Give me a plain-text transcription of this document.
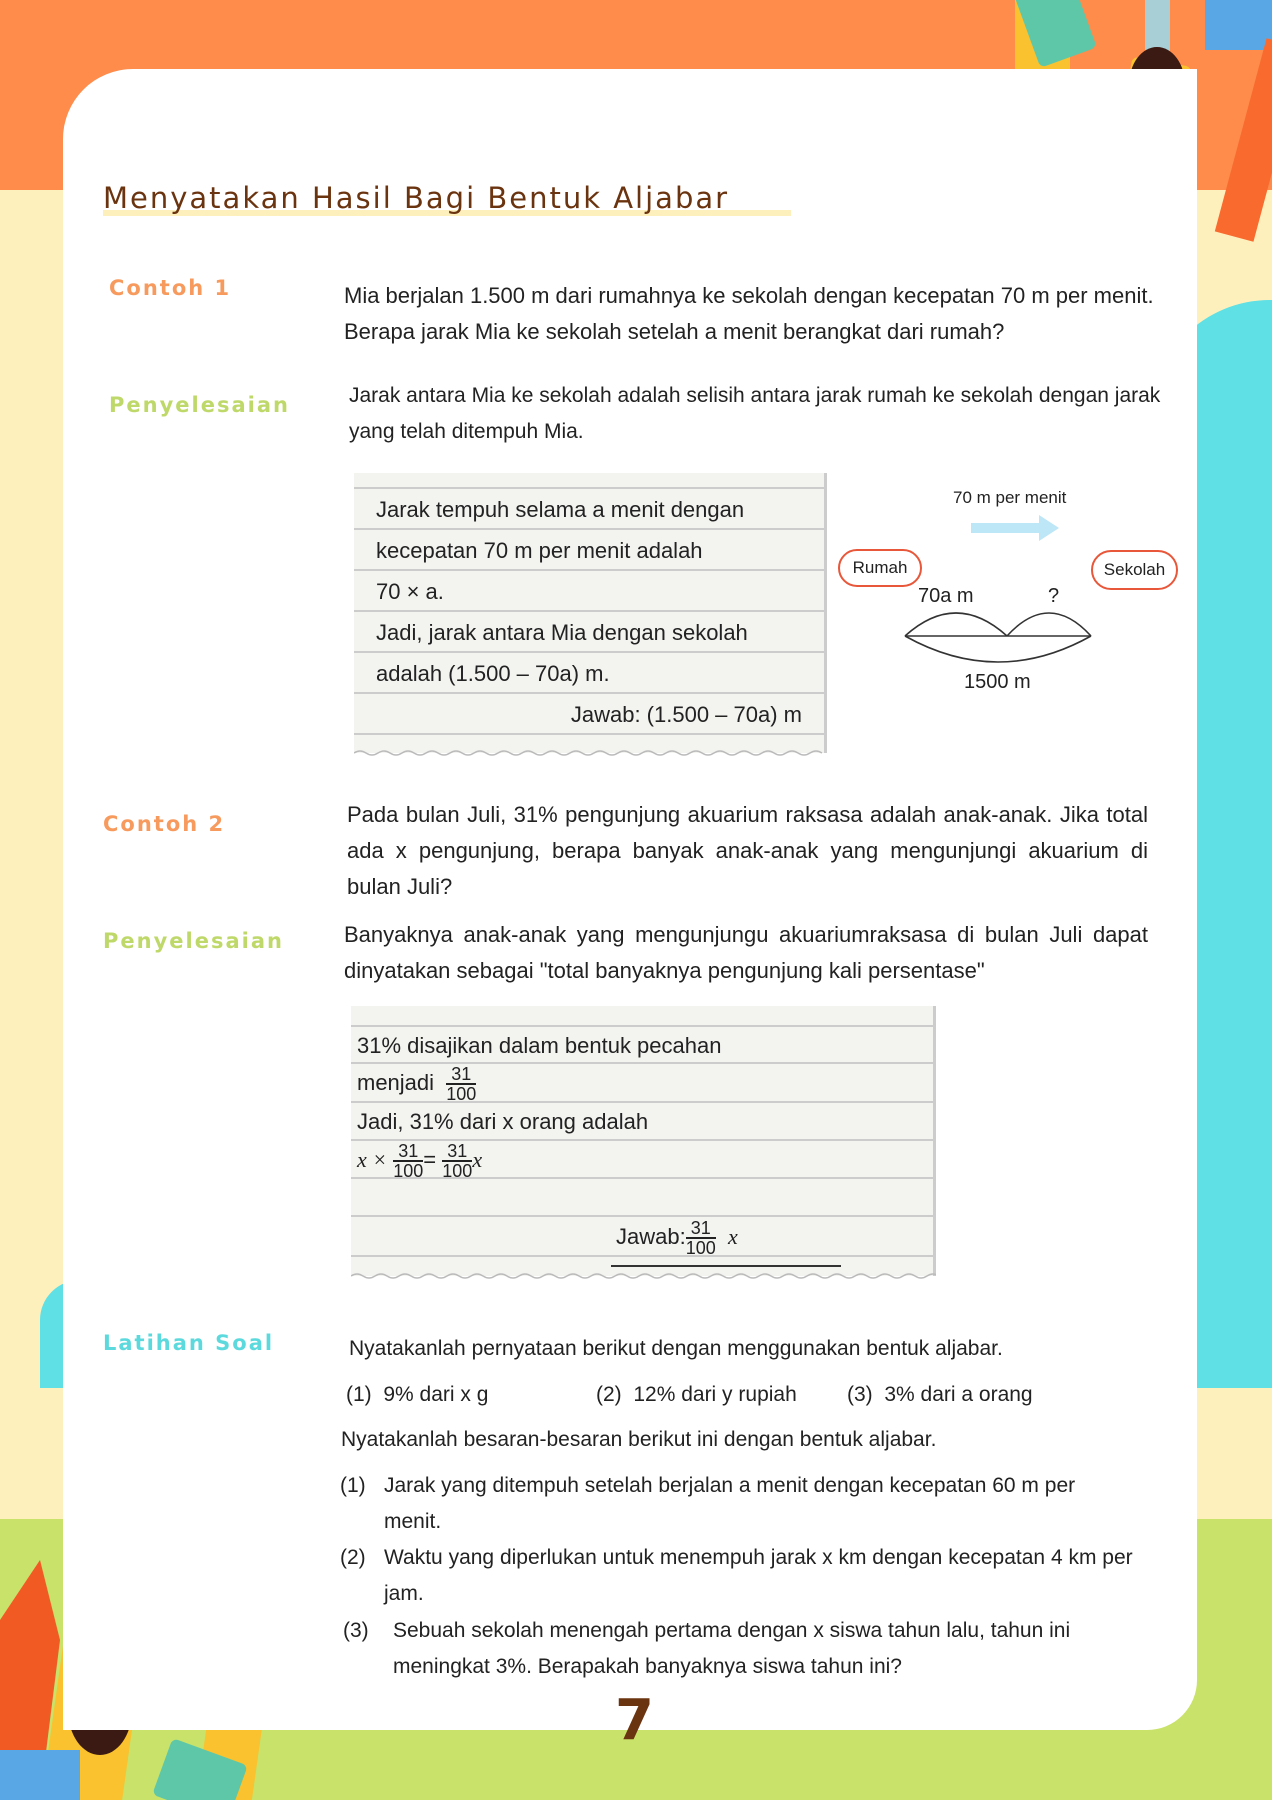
Menyatakan Hasil Bagi Bentuk Aljabar
Contoh 1	Mia berjalan 1.500 m dari rumahnya ke sekolah dengan kecepatan 70 m per menit. Berapa jarak Mia ke sekolah setelah a menit berangkat dari rumah?
Penyelesaian	Jarak antara Mia ke sekolah adalah selisih antara jarak rumah ke sekolah dengan jarak yang telah ditempuh Mia.
Jarak tempuh selama a menit dengan
kecepatan 70 m per menit adalah
70 × a.
Jadi, jarak antara Mia dengan sekolah
adalah (1.500 – 70a) m.
Jawab: (1.500 – 70a) m
70 m per menit
Rumah	Sekolah
70a m	?
1500 m
Contoh 2	Pada bulan Juli, 31% pengunjung akuarium raksasa adalah anak-anak. Jika total ada x pengunjung, berapa banyak anak-anak yang mengunjungi akuarium di bulan Juli?
Penyelesaian	Banyaknya anak-anak yang mengunjungu akuariumraksasa di bulan Juli dapat dinyatakan sebagai "total banyaknya pengunjung kali persentase"
31% disajikan dalam bentuk pecahan
menjadi $\frac{31}{100}$
Jadi, 31% dari x orang adalah
$x \times \frac{31}{100} = \frac{31}{100}$ x
Jawab: $\frac{31}{100}$ x
Latihan Soal	Nyatakanlah pernyataan berikut dengan menggunakan bentuk aljabar.
(1) 9% dari x g	(2) 12% dari y rupiah (3) 3% dari a orang
Nyatakanlah besaran-besaran berikut ini dengan bentuk aljabar.
(1) Jarak yang ditempuh setelah berjalan a menit dengan kecepatan 60 m per menit.
(2) Waktu yang diperlukan untuk menempuh jarak x km dengan kecepatan 4 km per jam.
(3)	Sebuah sekolah menengah pertama dengan x siswa tahun lalu, tahun ini meningkat 3%. Berapakah banyaknya siswa tahun ini?
7
